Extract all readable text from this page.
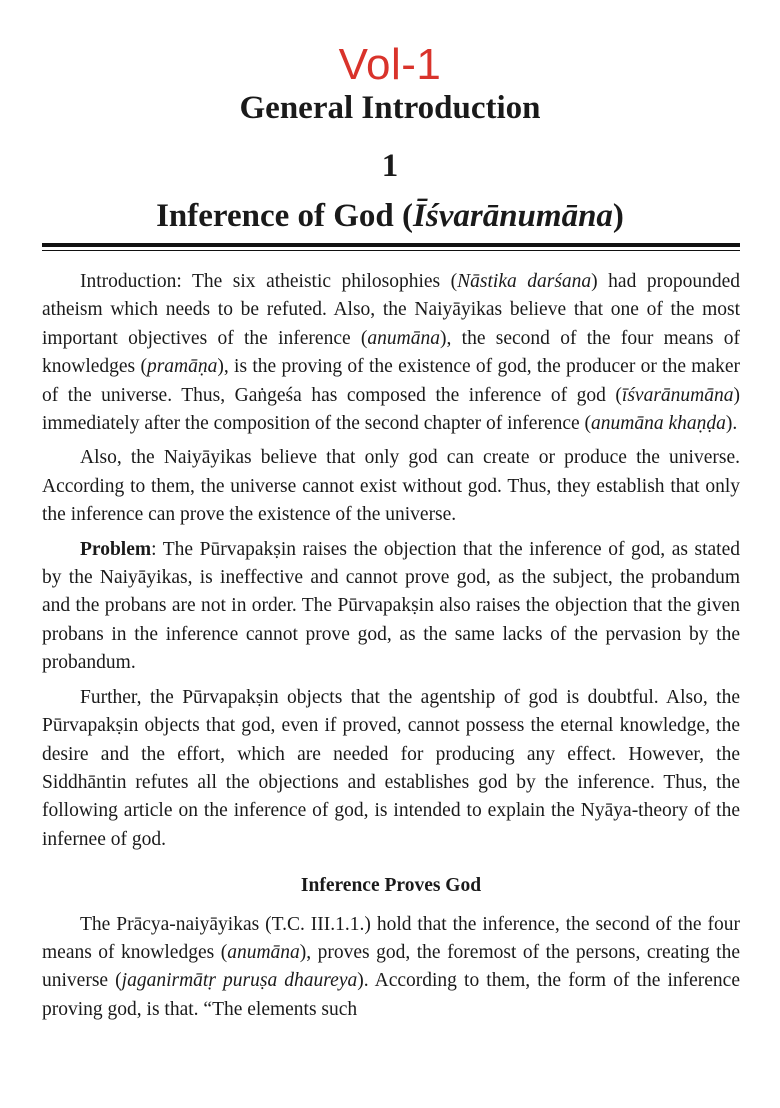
Vol-1
General Introduction
1
Inference of God (Īśvarānumāna)

Introduction: The six atheistic philosophies (Nāstika darśana) had propounded atheism which needs to be refuted. Also, the Naiyāyikas believe that one of the most important objectives of the inference (anumāna), the second of the four means of knowledges (pramāṇa), is the proving of the existence of god, the producer or the maker of the universe. Thus, Gaṅgeśa has composed the inference of god (īśvarānumāna) immediately after the composition of the second chapter of inference (anumāna khaṇḍa).

Also, the Naiyāyikas believe that only god can create or produce the universe. According to them, the universe cannot exist without god. Thus, they establish that only the inference can prove the existence of the universe.

Problem: The Pūrvapakṣin raises the objection that the inference of god, as stated by the Naiyāyikas, is ineffective and cannot prove god, as the subject, the probandum and the probans are not in order. The Pūrvapakṣin also raises the objection that the given probans in the inference cannot prove god, as the same lacks of the pervasion by the probandum.

Further, the Pūrvapakṣin objects that the agentship of god is doubtful. Also, the Pūrvapakṣin objects that god, even if proved, cannot possess the eternal knowledge, the desire and the effort, which are needed for producing any effect. However, the Siddhāntin refutes all the objections and establishes god by the inference. Thus, the following article on the inference of god, is intended to explain the Nyāya-theory of the infernee of god.

Inference Proves God

The Prācya-naiyāyikas (T.C. III.1.1.) hold that the inference, the second of the four means of knowledges (anumāna), proves god, the foremost of the persons, creating the universe (jaganirmātṛ puruṣa dhaureya). According to them, the form of the inference proving god, is that. “The elements such
